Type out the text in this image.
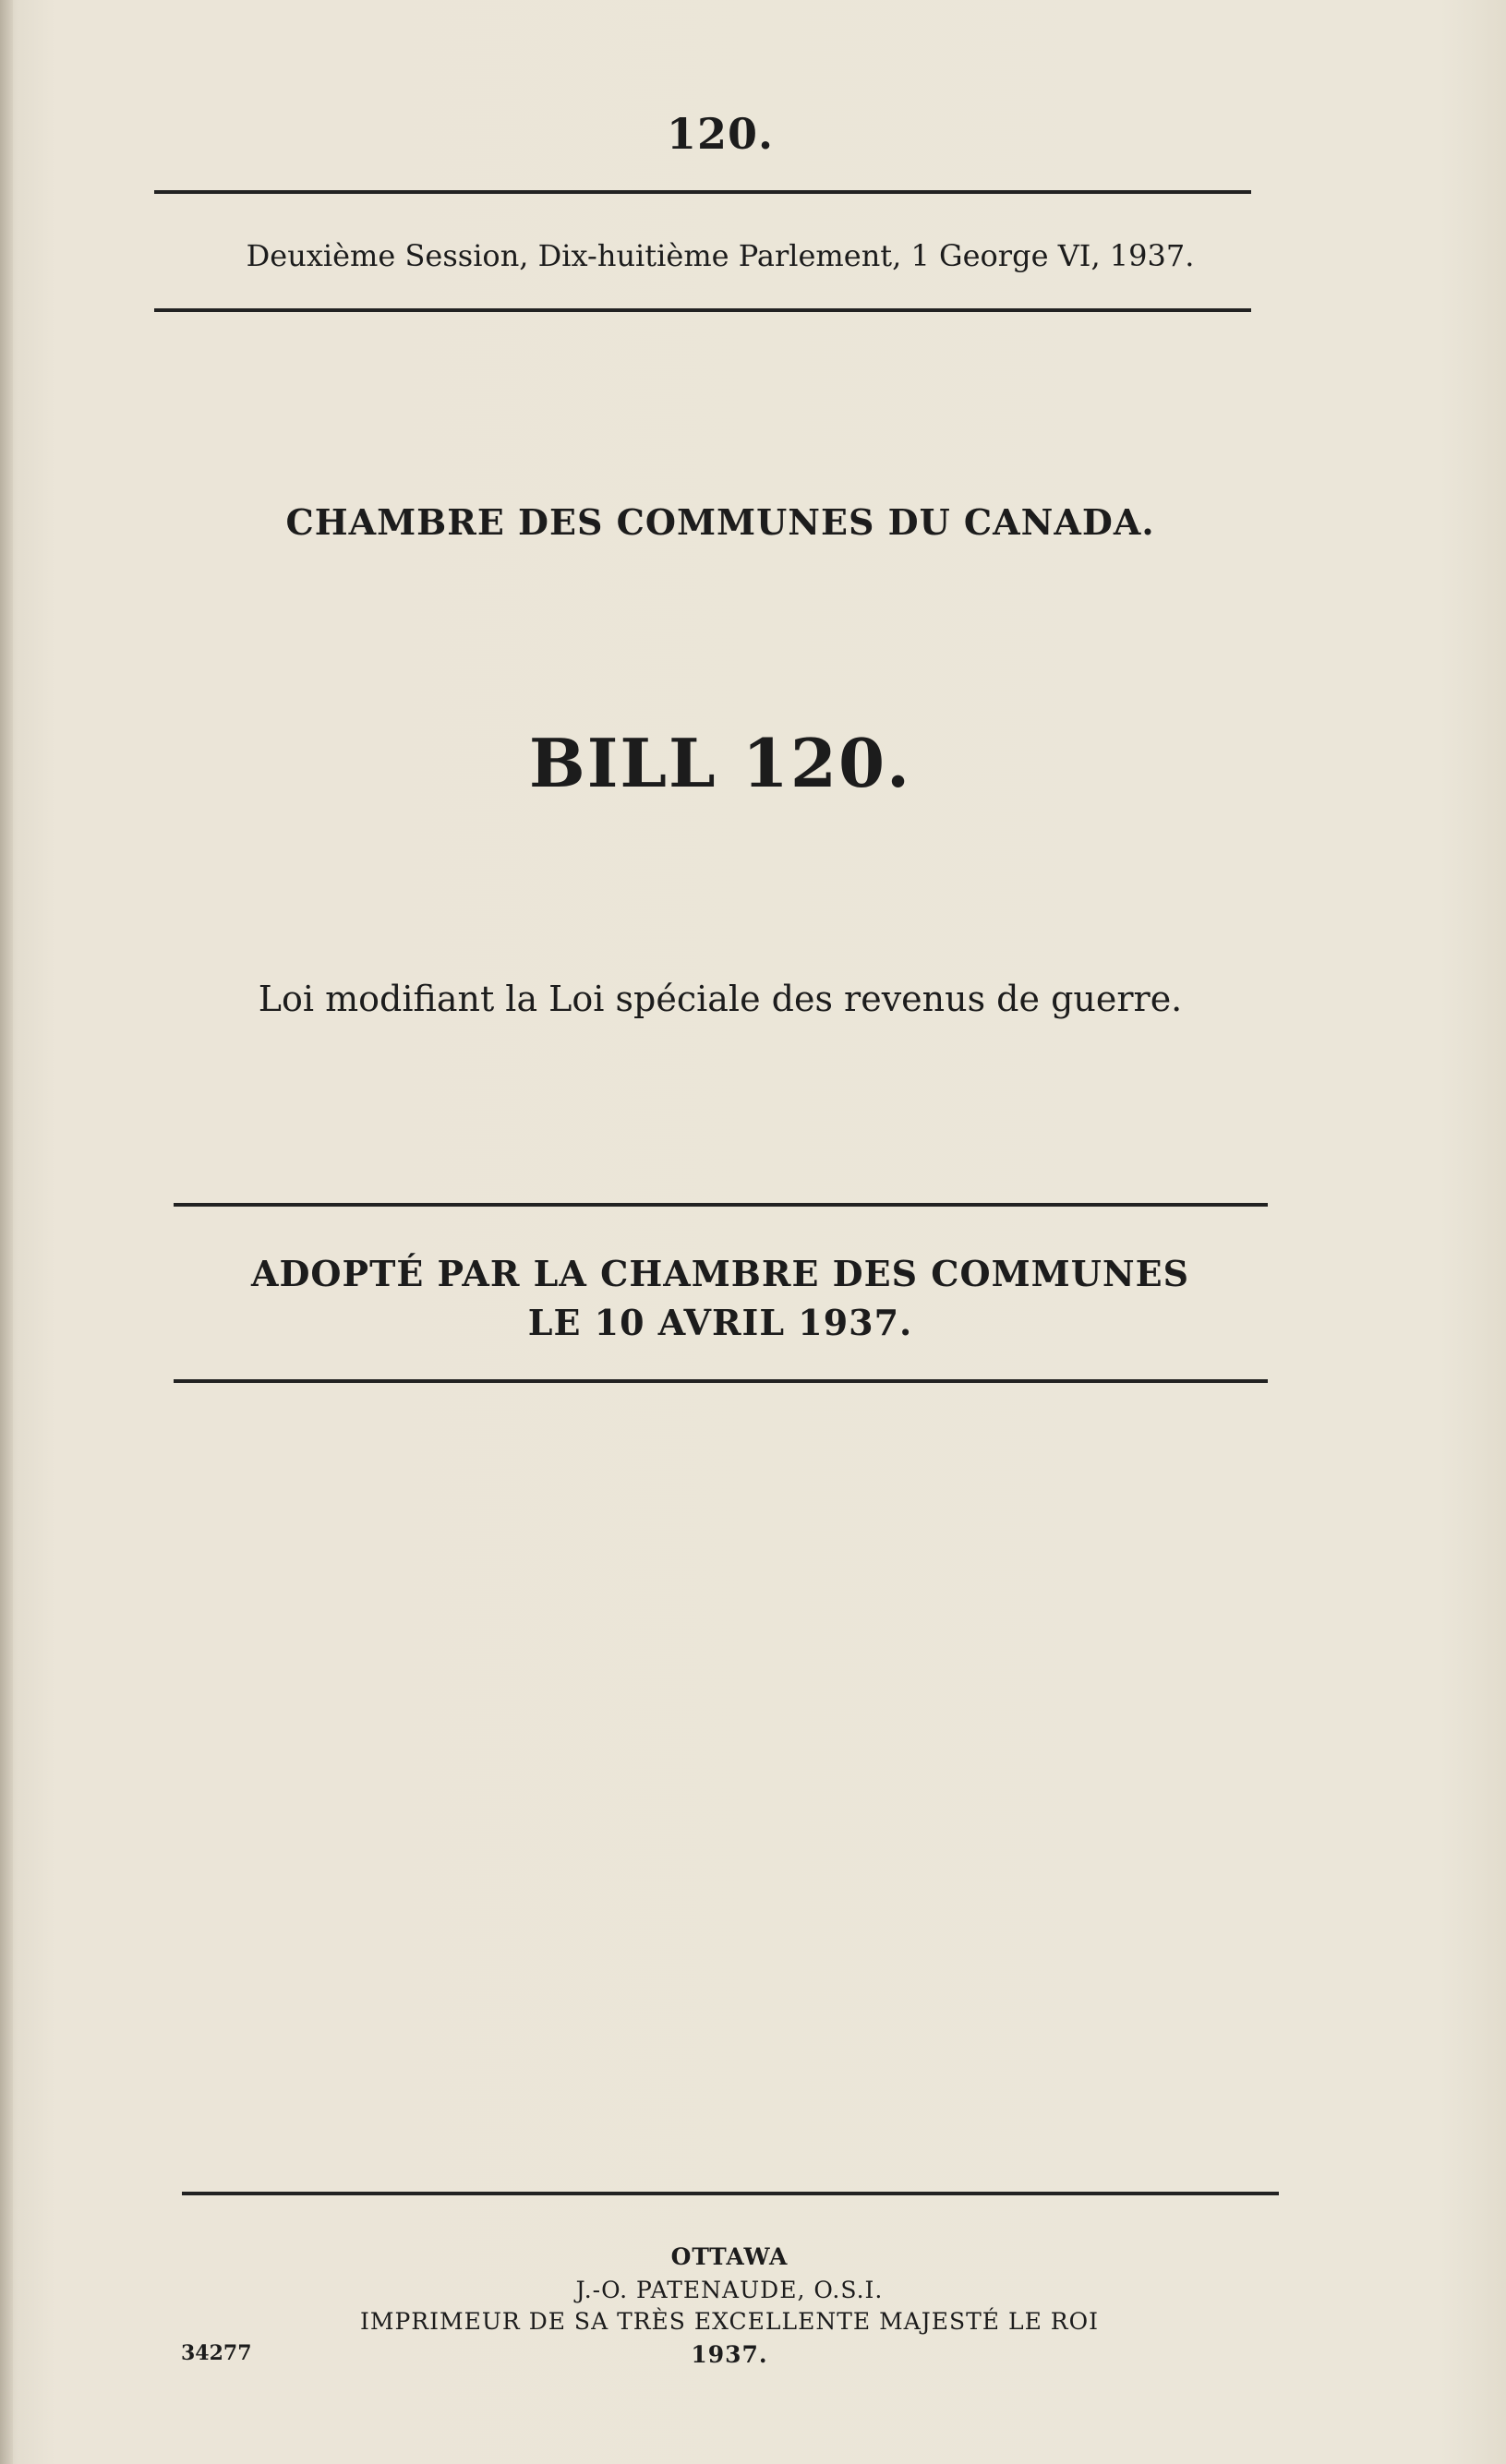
120.
Deuxième Session, Dix-huitième Parlement, 1 George VI, 1937.
CHAMBRE DES COMMUNES DU CANADA.
BILL 120.
Loi modifiant la Loi spéciale des revenus de guerre.
ADOPTÉ PAR LA CHAMBRE DES COMMUNES
LE 10 AVRIL 1937.
OTTAWA
J.-O. PATENAUDE, O.S.I.
IMPRIMEUR DE SA TRÈS EXCELLENTE MAJESTÉ LE ROI
1937.
34277
